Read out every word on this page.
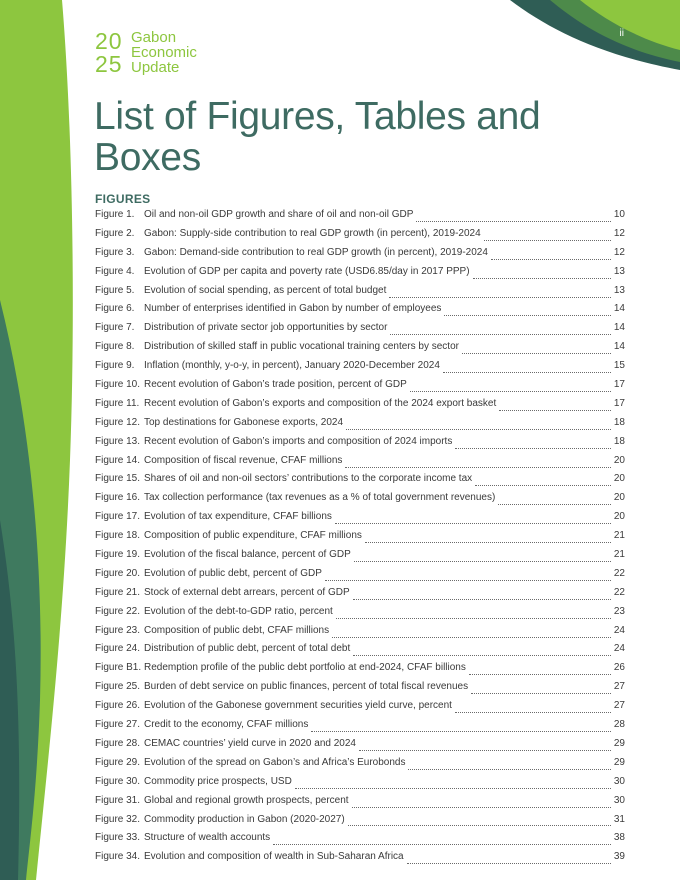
ii
20
25
Gabon
Economic
Update
List of Figures, Tables and Boxes
FIGURES
Figure 1. Oil and non-oil GDP growth and share of oil and non-oil GDP	10
Figure 2. Gabon: Supply-side contribution to real GDP growth (in percent), 2019-2024	12
Figure 3. Gabon: Demand-side contribution to real GDP growth (in percent), 2019-2024	12
Figure 4. Evolution of GDP per capita and poverty rate (USD6.85/day in 2017 PPP)	13
Figure 5. Evolution of social spending, as percent of total budget	13
Figure 6. Number of enterprises identified in Gabon by number of employees	14
Figure 7. Distribution of private sector job opportunities by sector	14
Figure 8. Distribution of skilled staff in public vocational training centers by sector	14
Figure 9. Inflation (monthly, y-o-y, in percent), January 2020-December 2024	15
Figure 10. Recent evolution of Gabon’s trade position, percent of GDP	17
Figure 11. Recent evolution of Gabon’s exports and composition of the 2024 export basket	17
Figure 12. Top destinations for Gabonese exports, 2024	18
Figure 13. Recent evolution of Gabon’s imports and composition of 2024 imports	18
Figure 14. Composition of fiscal revenue, CFAF millions	20
Figure 15. Shares of oil and non-oil sectors’ contributions to the corporate income tax	20
Figure 16. Tax collection performance (tax revenues as a % of total government revenues)	20
Figure 17. Evolution of tax expenditure, CFAF billions	20
Figure 18. Composition of public expenditure, CFAF millions	21
Figure 19. Evolution of the fiscal balance, percent of GDP	21
Figure 20. Evolution of public debt, percent of GDP	22
Figure 21. Stock of external debt arrears, percent of GDP	22
Figure 22. Evolution of the debt-to-GDP ratio, percent	23
Figure 23. Composition of public debt, CFAF millions	24
Figure 24. Distribution of public debt, percent of total debt	24
Figure B1. Redemption profile of the public debt portfolio at end-2024, CFAF billions	26
Figure 25. Burden of debt service on public finances, percent of total fiscal revenues	27
Figure 26. Evolution of the Gabonese government securities yield curve, percent	27
Figure 27. Credit to the economy, CFAF millions	28
Figure 28. CEMAC countries’ yield curve in 2020 and 2024	29
Figure 29. Evolution of the spread on Gabon’s and Africa’s Eurobonds	29
Figure 30. Commodity price prospects, USD	30
Figure 31. Global and regional growth prospects, percent	30
Figure 32. Commodity production in Gabon (2020-2027)	31
Figure 33. Structure of wealth accounts	38
Figure 34. Evolution and composition of wealth in Sub-Saharan Africa	39
